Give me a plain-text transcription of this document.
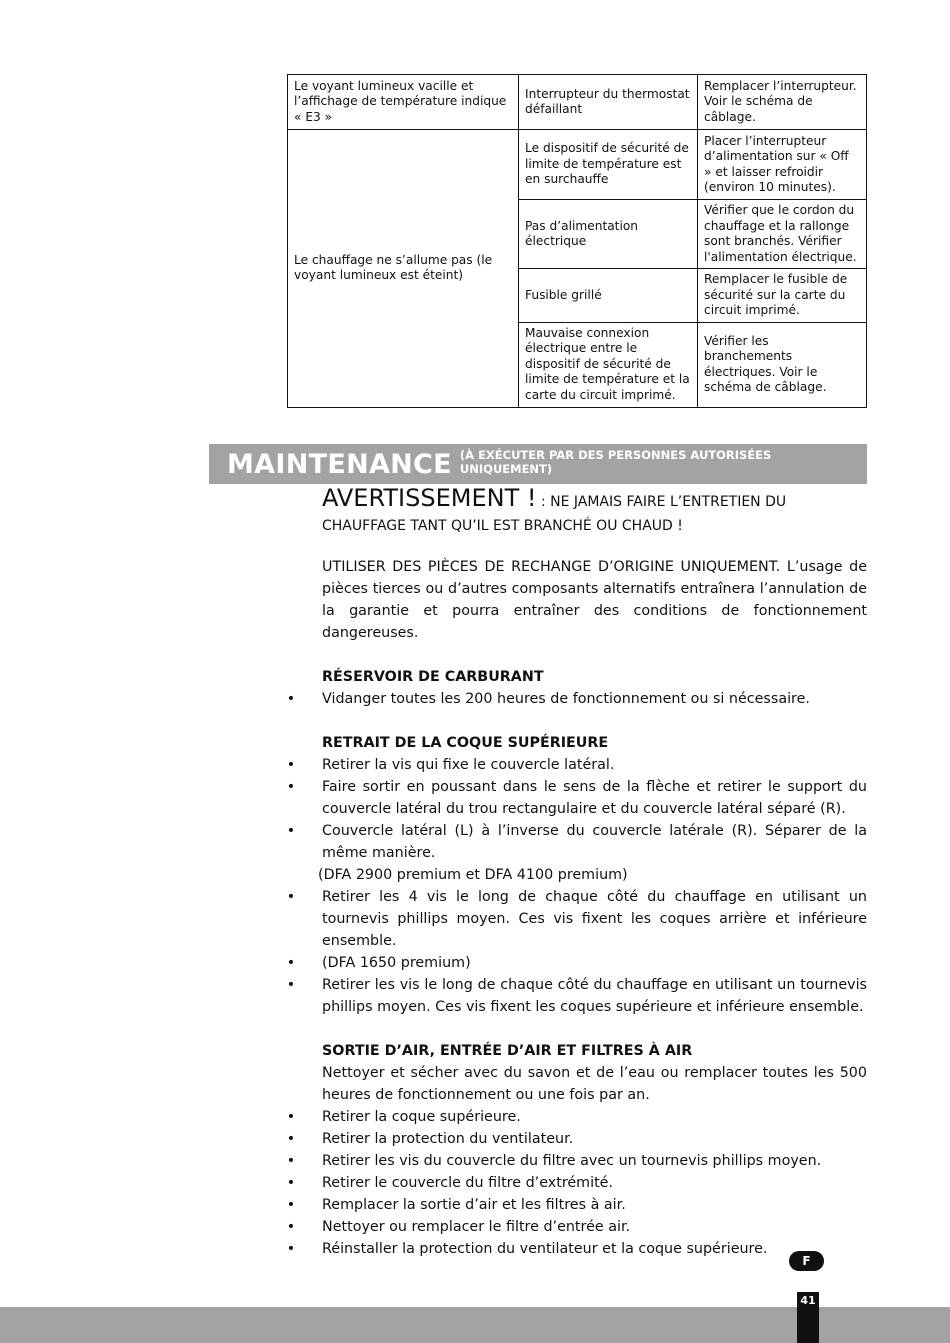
Le voyant lumineux vacille et l’affichage de température indique « E3 »	Interrupteur du thermostat défaillant	Remplacer l’interrupteur. Voir le schéma de câblage.
Le chauffage ne s’allume pas (le voyant lumineux est éteint)	Le dispositif de sécurité de limite de température est en surchauffe	Placer l’interrupteur d’alimentation sur « Off » et laisser refroidir (environ 10 minutes).
	Pas d’alimentation électrique	Vérifier que le cordon du chauffage et la rallonge sont branchés. Vérifier l'alimentation électrique.
	Fusible grillé	Remplacer le fusible de sécurité sur la carte du circuit imprimé.
	Mauvaise connexion électrique entre le dispositif de sécurité de limite de température et la carte du circuit imprimé.	Vérifier les branchements électriques. Voir le schéma de câblage.
MAINTENANCE (À EXÉCUTER PAR DES PERSONNES AUTORISÉES UNIQUEMENT)

AVERTISSEMENT ! : NE JAMAIS FAIRE L’ENTRETIEN DU CHAUFFAGE TANT QU’IL EST BRANCHÉ OU CHAUD !

UTILISER DES PIÈCES DE RECHANGE D’ORIGINE UNIQUEMENT. L’usage de pièces tierces ou d’autres composants alternatifs entraînera l’annulation de la garantie et pourra entraîner des conditions de fonctionnement dangereuses.

RÉSERVOIR DE CARBURANT

• Vidanger toutes les 200 heures de fonctionnement ou si nécessaire.

RETRAIT DE LA COQUE SUPÉRIEURE

• Retirer la vis qui fixe le couvercle latéral.

• Faire sortir en poussant dans le sens de la flèche et retirer le support du couvercle latéral du trou rectangulaire et du couvercle latéral séparé (R).

• Couvercle latéral (L) à l’inverse du couvercle latérale (R). Séparer de la même manière.

(DFA 2900 premium et DFA 4100 premium)

• Retirer les 4 vis le long de chaque côté du chauffage en utilisant un tournevis phillips moyen. Ces vis fixent les coques arrière et inférieure ensemble.

• (DFA 1650 premium)

• Retirer les vis le long de chaque côté du chauffage en utilisant un tournevis phillips moyen. Ces vis fixent les coques supérieure et inférieure ensemble.

SORTIE D’AIR, ENTRÉE D’AIR ET FILTRES À AIR

Nettoyer et sécher avec du savon et de l’eau ou remplacer toutes les 500 heures de fonctionnement ou une fois par an.

• Retirer la coque supérieure.

• Retirer la protection du ventilateur.

• Retirer les vis du couvercle du filtre avec un tournevis phillips moyen.

• Retirer le couvercle du filtre d’extrémité.

• Remplacer la sortie d’air et les filtres à air.

• Nettoyer ou remplacer le filtre d’entrée air.

• Réinstaller la protection du ventilateur et la coque supérieure.

F
41
